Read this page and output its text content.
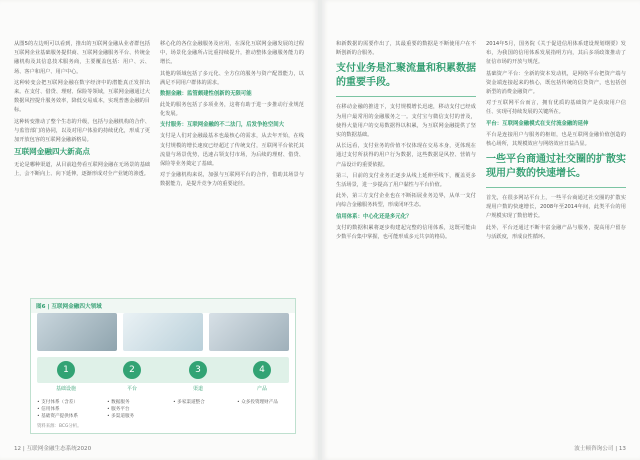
从图5的左边明可以看到，推出的互联网金融从业者群包括互联网企业基础服务提供商、互联网金融服务平台、传统金融机构及其信息技术服务商，主要覆盖包括：用户、云、场、客户和用户、用户中心。

这种转变会把互联网金融在数字经济中的潜能真正发挥出来。在支付、借贷、理财、保险等领域，互联网金融通过大数据风控提升服务效率，降低交易成本，实现普惠金融的目标。

这种转变推动了整个生态的升级，包括与金融机构的合作、与监管部门的协同，以及对用户体验的持续优化，形成了更加开放包容的互联网金融新格局。

互联网金融四大新高点

无论是哪种渠道，从目前趋势看互联网金融在无场景的基础上，会不断向上、向下延伸，逐渐形成对全产业链的渗透。

移心化的各位金融服务及应用，在深化互联网金融发展的过程中，场景化金融所占比重持续提升，推动整体金融服务能力的增长。

其他的领域包括了多元化、全方位的服务与资产配置能力，以满足不同用户群体的需求。

数据金融：监管颇建性创新的无限可能

此处的服务包括了多项业务，这将有助于进一步推动行业规范化发展。

支付服务：互联网金融的不二法门，后发争抢空间大

支付是人们对金融最基本也最核心的需求，从去年开始，在线支付规模的增长速度已经超过了传统支付，互联网平台依托其流量与场景优势，迅速占领支付市场，为后续的理财、借贷、保险等业务奠定了基础。

对于金融机构来说，加强与互联网平台的合作，借助其场景与数据能力，是提升竞争力的重要途径。

图6 | 互联网金融四大领域
1	2	3	4
基础设施	平台	渠道	产品
• 支付体系（含差）
• 信用体系
• 基础资产提供体系
• 数据服务
• 服务平台
• 多渠道服务
• 多家渠道整合	• 众多投资理财产品
资料来源：BCG分析。
12 | 互联网金融生态系统2020

和新数据的需要作出了，其最重要的数据是不断使用户在不断创新的合服务。

支付业务是汇聚流量和积累数据的重要手段。

在移动金融的推进下，支付规模增长迅速，移动支付已经成为用户最常用的金融服务之一。支付宝与微信支付的普及，使得大量用户的交易数据得以积累，为互联网金融提供了坚实的数据基础。

从长远看，支付业务的价值不仅体现在交易本身，更体现在通过支付所获得的用户行为数据，这些数据是风控、营销与产品设计的重要依据。

第三，目前的支付业务正逐步从线上延伸至线下，覆盖更多生活场景，进一步提高了用户黏性与平台价值。

此外，第三方支付企业也在不断拓展业务边界，从单一支付向综合金融服务转型，形成闭环生态。

信用体系：中心化还是多元化？

支付的数据积累将逐步构建起完整的信用体系，这既可能由少数平台集中掌握，也可能形成多元共享的格局。

2014年5月，国务院《关于促进信用体系建设规划纲要》发布，为我国的信用体系发展指明方向，其后多项政策推动了征信市场的开放与规范。

基础资产平台：全新的资本发动机，是网络平台把资产端与资金端连接起来的核心，既包括传统的信贷资产，也包括创新型的消费金融资产。

对于互联网平台而言，拥有优质的基础资产是获取用户信任、实现可持续发展的关键所在。

平台：互联网金融模式在支付流金融的延伸

平台是连接用户与服务的枢纽，也是互联网金融价值创造的核心场所，其规模效应与网络效应日益凸显。

一些平台商通过社交圈的扩散实现用户数的快速增长。

首先，在很多网站平台上，一些平台商通过社交圈的扩散实现用户数的快速增长，2008年至2014年间，此类平台的用户规模实现了数倍增长。

此外，平台还通过不断丰富金融产品与服务，提高用户留存与活跃度，形成良性循环。

波士顿咨询公司 | 13
